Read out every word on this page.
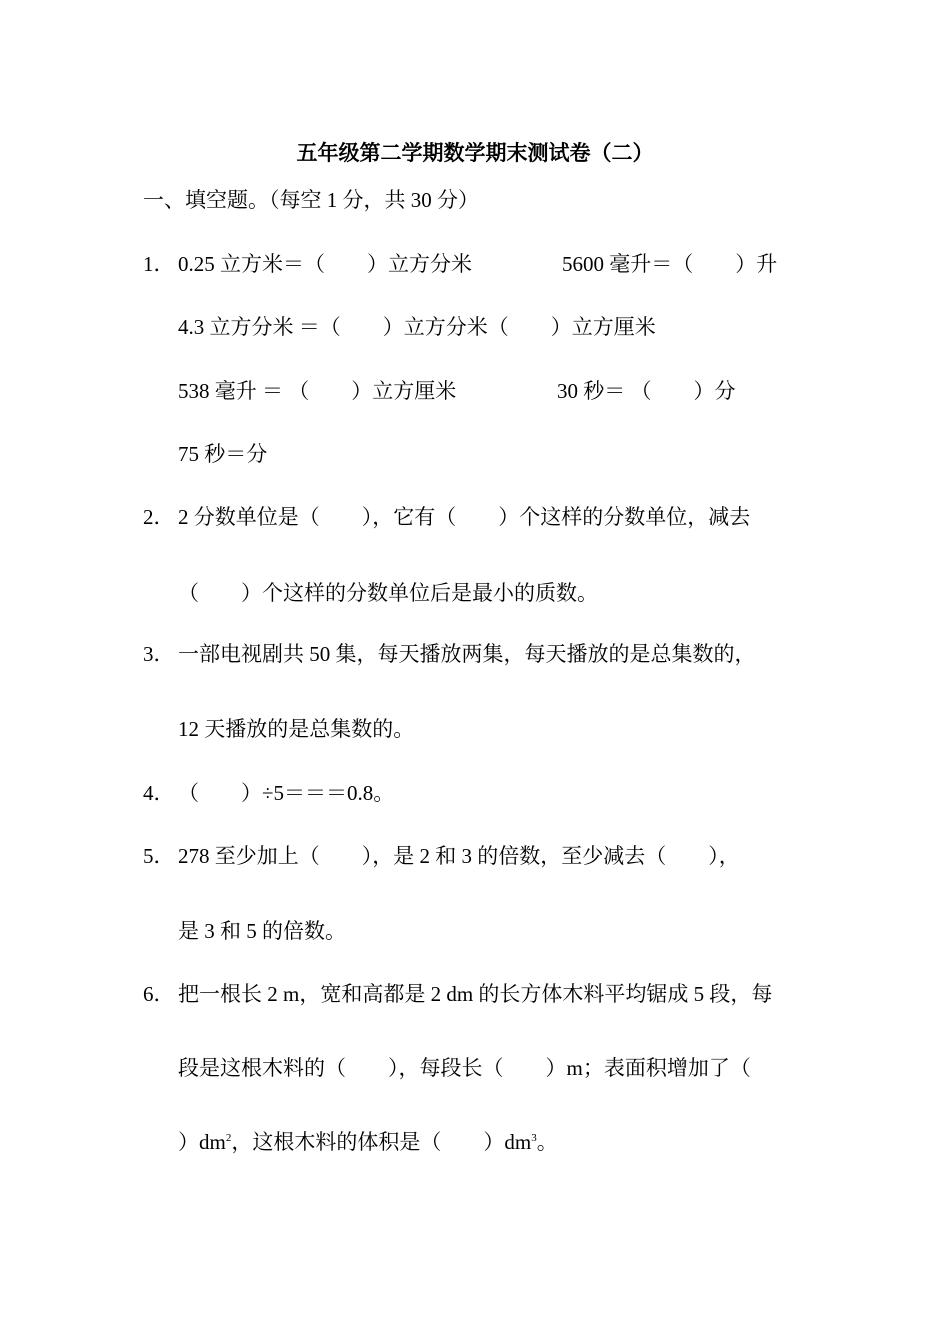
五年级第二学期数学期末测试卷（二）
一、填空题。（每空 1 分，共 30 分）
1． 0.25 立方米＝（　　）立方分米	5600 毫升＝（　　）升
4.3 立方分米 ＝（　　）立方分米（　　）立方厘米
538 毫升 ＝ （　　）立方厘米	30 秒＝ （　　）分
75 秒＝分
2． 2 分数单位是（　　），它有（　　）个这样的分数单位，减去
（　　）个这样的分数单位后是最小的质数。
3． 一部电视剧共 50 集，每天播放两集，每天播放的是总集数的，
12 天播放的是总集数的。
4． （　　）÷5＝＝＝0.8。
5． 278 至少加上（　　），是 2 和 3 的倍数，至少减去（　　），
是 3 和 5 的倍数。
6． 把一根长 2 m，宽和高都是 2 dm 的长方体木料平均锯成 5 段，每
段是这根木料的（　　），每段长（　　）m；表面积增加了（
）$dm^2$，这根木料的体积是（　　）$dm^3$。
